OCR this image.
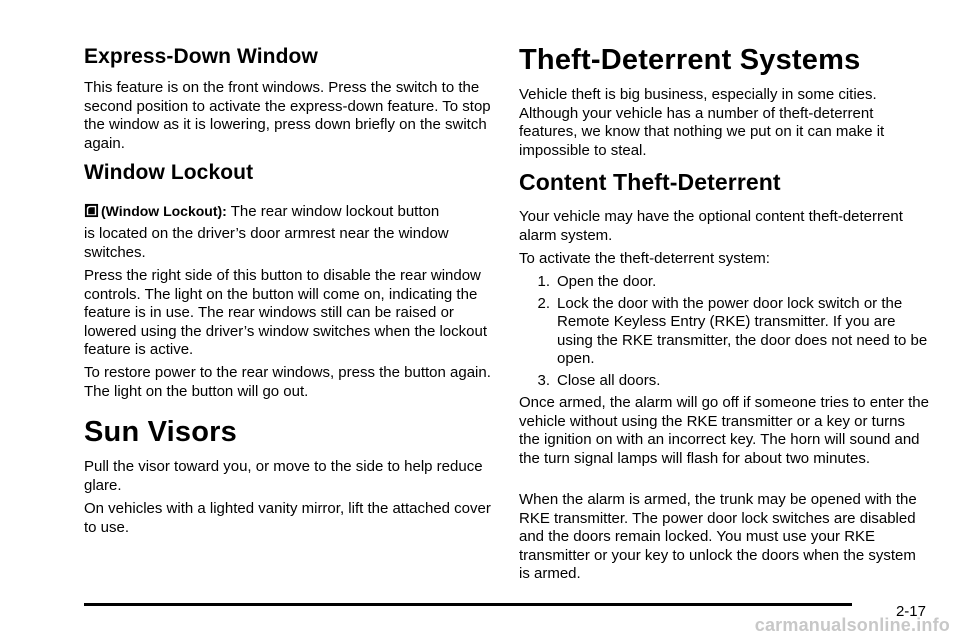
Express-Down Window

This feature is on the front windows. Press the switch to the second position to activate the express-down feature. To stop the window as it is lowering, press down briefly on the switch again.

Window Lockout
(Window Lockout): The rear window lockout button

is located on the driver’s door armrest near the window switches.

Press the right side of this button to disable the rear window controls. The light on the button will come on, indicating the feature is in use. The rear windows still can be raised or lowered using the driver’s window switches when the lockout feature is active.

To restore power to the rear windows, press the button again. The light on the button will go out.

Sun Visors

Pull the visor toward you, or move to the side to help reduce glare.

On vehicles with a lighted vanity mirror, lift the attached cover to use.

Theft-Deterrent Systems

Vehicle theft is big business, especially in some cities. Although your vehicle has a number of theft-deterrent features, we know that nothing we put on it can make it impossible to steal.

Content Theft-Deterrent

Your vehicle may have the optional content theft-deterrent alarm system.

To activate the theft-deterrent system:

1. Open the door.
2. Lock the door with the power door lock switch or the Remote Keyless Entry (RKE) transmitter. If you are using the RKE transmitter, the door does not need to be open.
3. Close all doors.

Once armed, the alarm will go off if someone tries to enter the vehicle without using the RKE transmitter or a key or turns the ignition on with an incorrect key. The horn will sound and the turn signal lamps will flash for about two minutes.

When the alarm is armed, the trunk may be opened with the RKE transmitter. The power door lock switches are disabled and the doors remain locked. You must use your RKE transmitter or your key to unlock the doors when the system is armed.

2-17
carmanualsonline.info
